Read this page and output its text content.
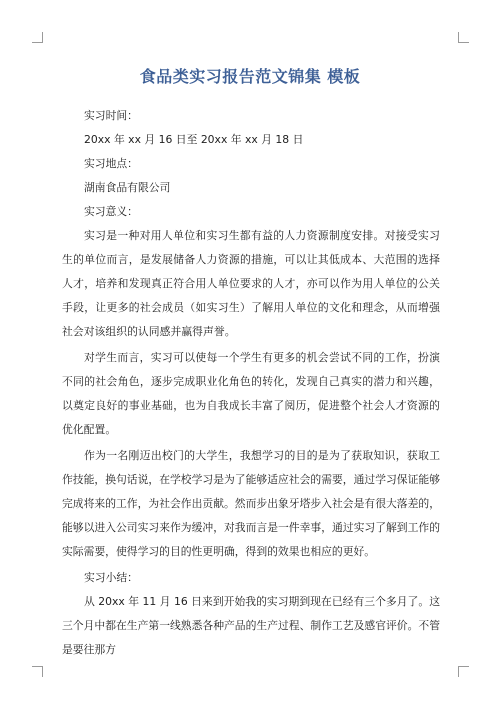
食品类实习报告范文锦集 模板
实习时间：
20xx 年 xx 月 16 日至 20xx 年 xx 月 18 日
实习地点：
湖南食品有限公司
实习意义：

实习是一种对用人单位和实习生都有益的人力资源制度安排。对接受实习生的单位而言，是发展储备人力资源的措施，可以让其低成本、大范围的选择人才，培养和发现真正符合用人单位要求的人才，亦可以作为用人单位的公关手段，让更多的社会成员（如实习生）了解用人单位的文化和理念，从而增强社会对该组织的认同感并赢得声誉。

对学生而言，实习可以使每一个学生有更多的机会尝试不同的工作，扮演不同的社会角色，逐步完成职业化角色的转化，发现自己真实的潜力和兴趣，以奠定良好的事业基础，也为自我成长丰富了阅历，促进整个社会人才资源的优化配置。

作为一名刚迈出校门的大学生，我想学习的目的是为了获取知识，获取工作技能，换句话说，在学校学习是为了能够适应社会的需要，通过学习保证能够完成将来的工作，为社会作出贡献。然而步出象牙塔步入社会是有很大落差的，能够以进入公司实习来作为缓冲，对我而言是一件幸事，通过实习了解到工作的实际需要，使得学习的目的性更明确，得到的效果也相应的更好。

实习小结：

从 20xx 年 11 月 16 日来到开始我的实习期到现在已经有三个多月了。这三个月中都在生产第一线熟悉各种产品的生产过程、制作工艺及感官评价。不管是要往那方
